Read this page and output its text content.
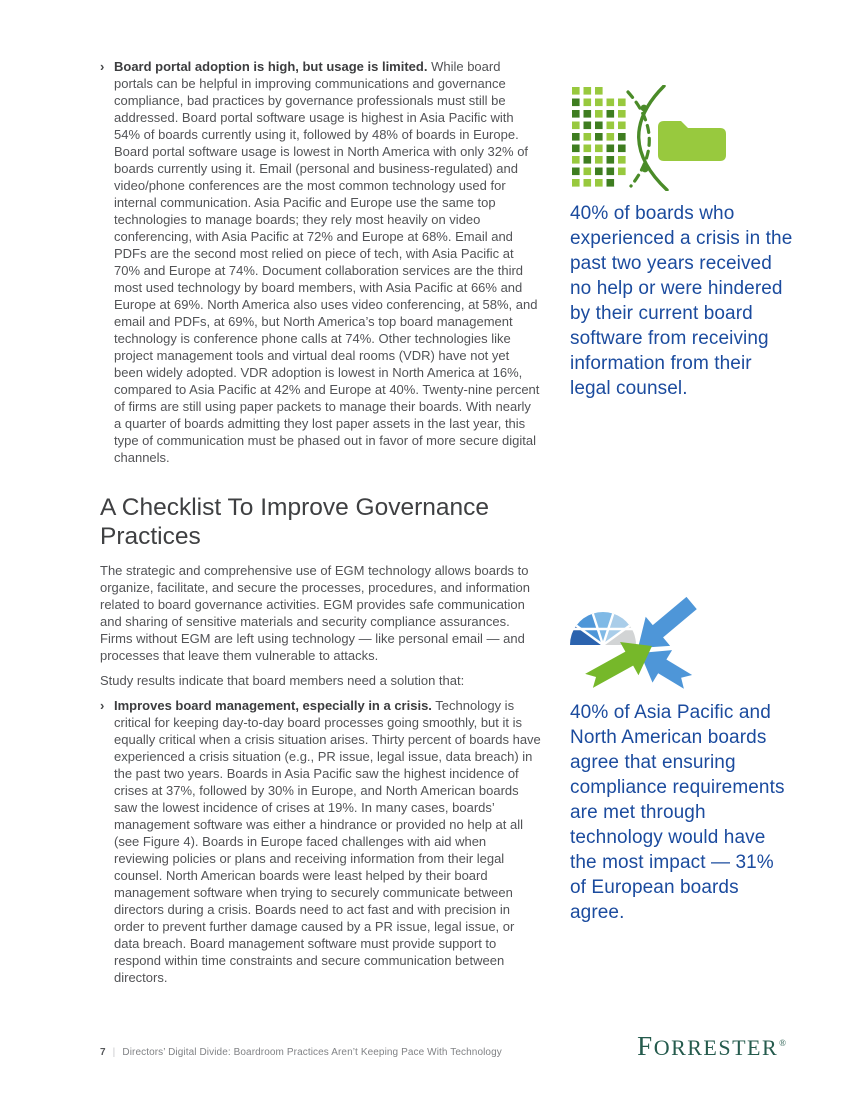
› Board portal adoption is high, but usage is limited. While board portals can be helpful in improving communications and governance compliance, bad practices by governance professionals must still be addressed. Board portal software usage is highest in Asia Pacific with 54% of boards currently using it, followed by 48% of boards in Europe. Board portal software usage is lowest in North America with only 32% of boards currently using it. Email (personal and business-regulated) and video/phone conferences are the most common technology used for internal communication. Asia Pacific and Europe use the same top technologies to manage boards; they rely most heavily on video conferencing, with Asia Pacific at 72% and Europe at 68%. Email and PDFs are the second most relied on piece of tech, with Asia Pacific at 70% and Europe at 74%. Document collaboration services are the third most used technology by board members, with Asia Pacific at 66% and Europe at 69%. North America also uses video conferencing, at 58%, and email and PDFs, at 69%, but North America’s top board management technology is conference phone calls at 74%. Other technologies like project management tools and virtual deal rooms (VDR) have not yet been widely adopted. VDR adoption is lowest in North America at 16%, compared to Asia Pacific at 42% and Europe at 40%. Twenty-nine percent of firms are still using paper packets to manage their boards. With nearly a quarter of boards admitting they lost paper assets in the last year, this type of communication must be phased out in favor of more secure digital channels.

A Checklist To Improve Governance Practices

The strategic and comprehensive use of EGM technology allows boards to organize, facilitate, and secure the processes, procedures, and information related to board governance activities. EGM provides safe communication and sharing of sensitive materials and security compliance assurances. Firms without EGM are left using technology — like personal email — and processes that leave them vulnerable to attacks.

Study results indicate that board members need a solution that:

› Improves board management, especially in a crisis. Technology is critical for keeping day-to-day board processes going smoothly, but it is equally critical when a crisis situation arises. Thirty percent of boards have experienced a crisis situation (e.g., PR issue, legal issue, data breach) in the past two years. Boards in Asia Pacific saw the highest incidence of crises at 37%, followed by 30% in Europe, and North American boards saw the lowest incidence of crises at 19%. In many cases, boards’ management software was either a hindrance or provided no help at all (see Figure 4). Boards in Europe faced challenges with aid when reviewing policies or plans and receiving information from their legal counsel. North American boards were least helped by their board management software when trying to securely communicate between directors during a crisis. Boards need to act fast and with precision in order to prevent further damage caused by a PR issue, legal issue, or data breach. Board management software must provide support to respond within time constraints and secure communication between directors.

40% of boards who experienced a crisis in the past two years received no help or were hindered by their current board software from receiving information from their legal counsel.

40% of Asia Pacific and North American boards agree that ensuring compliance requirements are met through technology would have the most impact — 31% of European boards agree.

7 | Directors’ Digital Divide: Boardroom Practices Aren’t Keeping Pace With Technology	FORRESTER®
